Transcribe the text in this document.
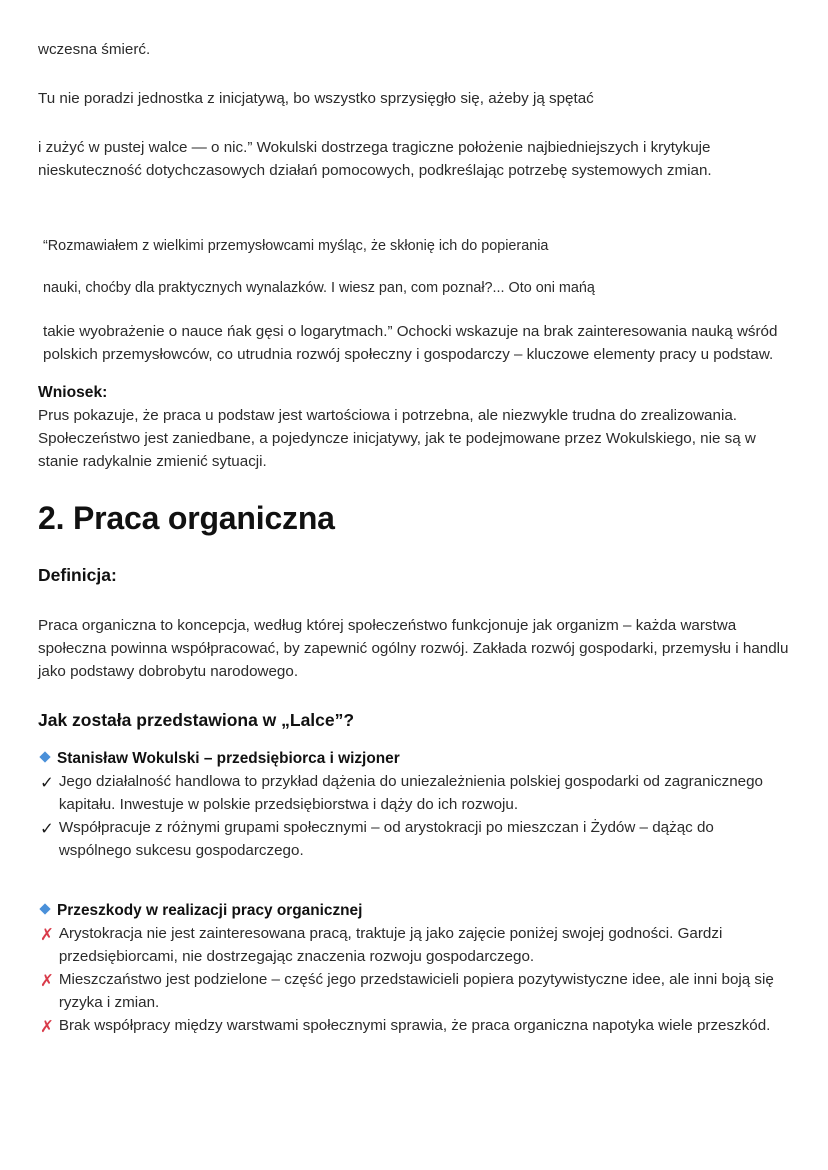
wczesna śmierć.

Tu nie poradzi jednostka z inicjatywą, bo wszystko sprzysięgło się, ażeby ją spętać

i zużyć w pustej walce — o nic.” Wokulski dostrzega tragiczne położenie najbiedniejszych i krytykuje nieskuteczność dotychczasowych działań pomocowych, podkreślając potrzebę systemowych zmian.

“Rozmawiałem z wielkimi przemysłowcami myśląc, że skłonię ich do popierania

nauki, choćby dla praktycznych wynalazków. I wiesz pan, com poznał?... Oto oni mańą

takie wyobrażenie o nauce ńak gęsi o logarytmach.” Ochocki wskazuje na brak zainteresowania nauką wśród polskich przemysłowców, co utrudnia rozwój społeczny i gospodarczy – kluczowe elementy pracy u podstaw.

Wniosek:

Prus pokazuje, że praca u podstaw jest wartościowa i potrzebna, ale niezwykle trudna do zrealizowania. Społeczeństwo jest zaniedbane, a pojedyncze inicjatywy, jak te podejmowane przez Wokulskiego, nie są w stanie radykalnie zmienić sytuacji.

2. Praca organiczna
Definicja:

Praca organiczna to koncepcja, według której społeczeństwo funkcjonuje jak organizm – każda warstwa społeczna powinna współpracować, by zapewnić ogólny rozwój. Zakłada rozwój gospodarki, przemysłu i handlu jako podstawy dobrobytu narodowego.

Jak została przedstawiona w „Lalce”?
Stanisław Wokulski – przedsiębiorca i wizjoner
✓ Jego działalność handlowa to przykład dążenia do uniezależnienia polskiej gospodarki od zagranicznego kapitału. Inwestuje w polskie przedsiębiorstwa i dąży do ich rozwoju.
✓ Współpracuje z różnymi grupami społecznymi – od arystokracji po mieszczan i Żydów – dążąc do wspólnego sukcesu gospodarczego.
Przeszkody w realizacji pracy organicznej
✗ Arystokracja nie jest zainteresowana pracą, traktuje ją jako zajęcie poniżej swojej godności. Gardzi przedsiębiorcami, nie dostrzegając znaczenia rozwoju gospodarczego.
✗ Mieszczaństwo jest podzielone – część jego przedstawicieli popiera pozytywistyczne idee, ale inni boją się ryzyka i zmian.
✗ Brak współpracy między warstwami społecznymi sprawia, że praca organiczna napotyka wiele przeszkód.
